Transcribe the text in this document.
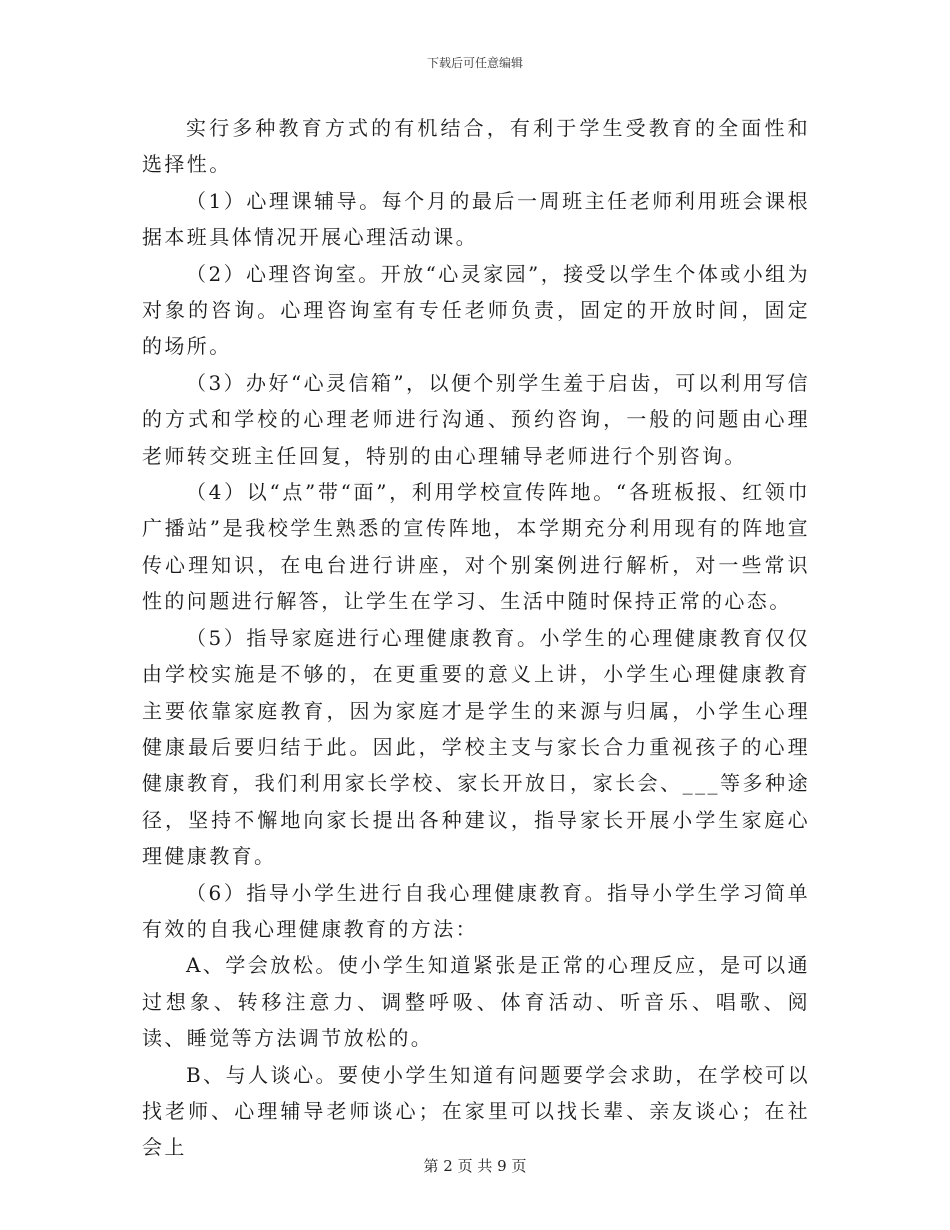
下载后可任意编辑

实行多种教育方式的有机结合，有利于学生受教育的全面性和选择性。

（1）心理课辅导。每个月的最后一周班主任老师利用班会课根据本班具体情况开展心理活动课。

（2）心理咨询室。开放“心灵家园”，接受以学生个体或小组为对象的咨询。心理咨询室有专任老师负责，固定的开放时间，固定的场所。

（3）办好“心灵信箱”，以便个别学生羞于启齿，可以利用写信的方式和学校的心理老师进行沟通、预约咨询，一般的问题由心理老师转交班主任回复，特别的由心理辅导老师进行个别咨询。

（4）以“点”带“面”，利用学校宣传阵地。“各班板报、红领巾广播站”是我校学生熟悉的宣传阵地，本学期充分利用现有的阵地宣传心理知识，在电台进行讲座，对个别案例进行解析，对一些常识性的问题进行解答，让学生在学习、生活中随时保持正常的心态。

（5）指导家庭进行心理健康教育。小学生的心理健康教育仅仅由学校实施是不够的，在更重要的意义上讲，小学生心理健康教育主要依靠家庭教育，因为家庭才是学生的来源与归属，小学生心理健康最后要归结于此。因此，学校主支与家长合力重视孩子的心理健康教育，我们利用家长学校、家长开放日，家长会、___等多种途径，坚持不懈地向家长提出各种建议，指导家长开展小学生家庭心理健康教育。

（6）指导小学生进行自我心理健康教育。指导小学生学习简单有效的自我心理健康教育的方法：

A、学会放松。使小学生知道紧张是正常的心理反应，是可以通过想象、转移注意力、调整呼吸、体育活动、听音乐、唱歌、阅读、睡觉等方法调节放松的。

B、与人谈心。要使小学生知道有问题要学会求助，在学校可以找老师、心理辅导老师谈心；在家里可以找长辈、亲友谈心；在社会上

第 2 页 共 9 页
